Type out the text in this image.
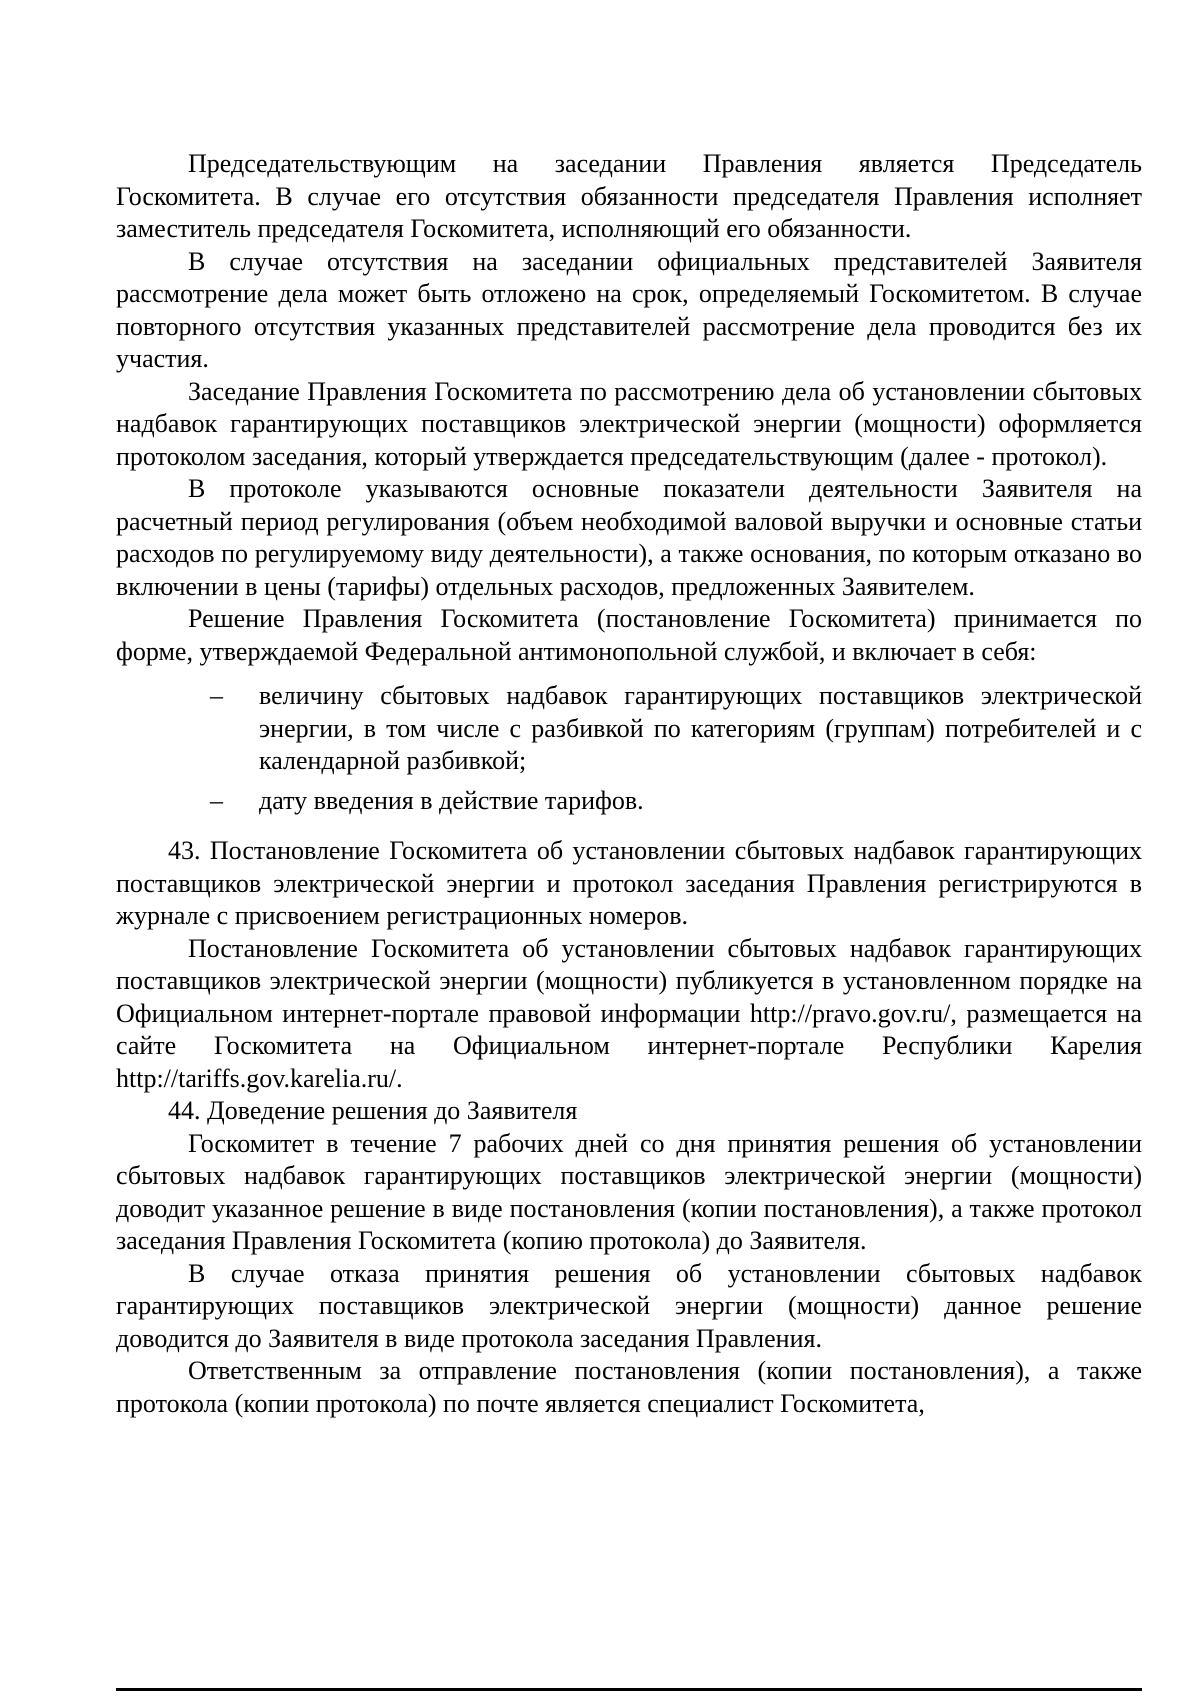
Председательствующим на заседании Правления является Председатель Госкомитета. В случае его отсутствия обязанности председателя Правления исполняет заместитель председателя Госкомитета, исполняющий его обязанности.

В случае отсутствия на заседании официальных представителей Заявителя рассмотрение дела может быть отложено на срок, определяемый Госкомитетом. В случае повторного отсутствия указанных представителей рассмотрение дела проводится без их участия.

Заседание Правления Госкомитета по рассмотрению дела об установлении сбытовых надбавок гарантирующих поставщиков электрической энергии (мощности) оформляется протоколом заседания, который утверждается председательствующим (далее - протокол).

В протоколе указываются основные показатели деятельности Заявителя на расчетный период регулирования (объем необходимой валовой выручки и основные статьи расходов по регулируемому виду деятельности), а также основания, по которым отказано во включении в цены (тарифы) отдельных расходов, предложенных Заявителем.

Решение Правления Госкомитета (постановление Госкомитета) принимается по форме, утверждаемой Федеральной антимонопольной службой, и включает в себя:

– величину сбытовых надбавок гарантирующих поставщиков электрической энергии, в том числе с разбивкой по категориям (группам) потребителей и с календарной разбивкой;
– дату введения в действие тарифов.

43. Постановление Госкомитета об установлении сбытовых надбавок гарантирующих поставщиков электрической энергии и протокол заседания Правления регистрируются в журнале с присвоением регистрационных номеров.

Постановление Госкомитета об установлении сбытовых надбавок гарантирующих поставщиков электрической энергии (мощности) публикуется в установленном порядке на Официальном интернет-портале правовой информации http://pravo.gov.ru/, размещается на сайте Госкомитета на Официальном интернет-портале Республики Карелия http://tariffs.gov.karelia.ru/.

44. Доведение решения до Заявителя

Госкомитет в течение 7 рабочих дней со дня принятия решения об установлении сбытовых надбавок гарантирующих поставщиков электрической энергии (мощности) доводит указанное решение в виде постановления (копии постановления), а также протокол заседания Правления Госкомитета (копию протокола) до Заявителя.

В случае отказа принятия решения об установлении сбытовых надбавок гарантирующих поставщиков электрической энергии (мощности) данное решение доводится до Заявителя в виде протокола заседания Правления.

Ответственным за отправление постановления (копии постановления), а также протокола (копии протокола) по почте является специалист Госкомитета,
